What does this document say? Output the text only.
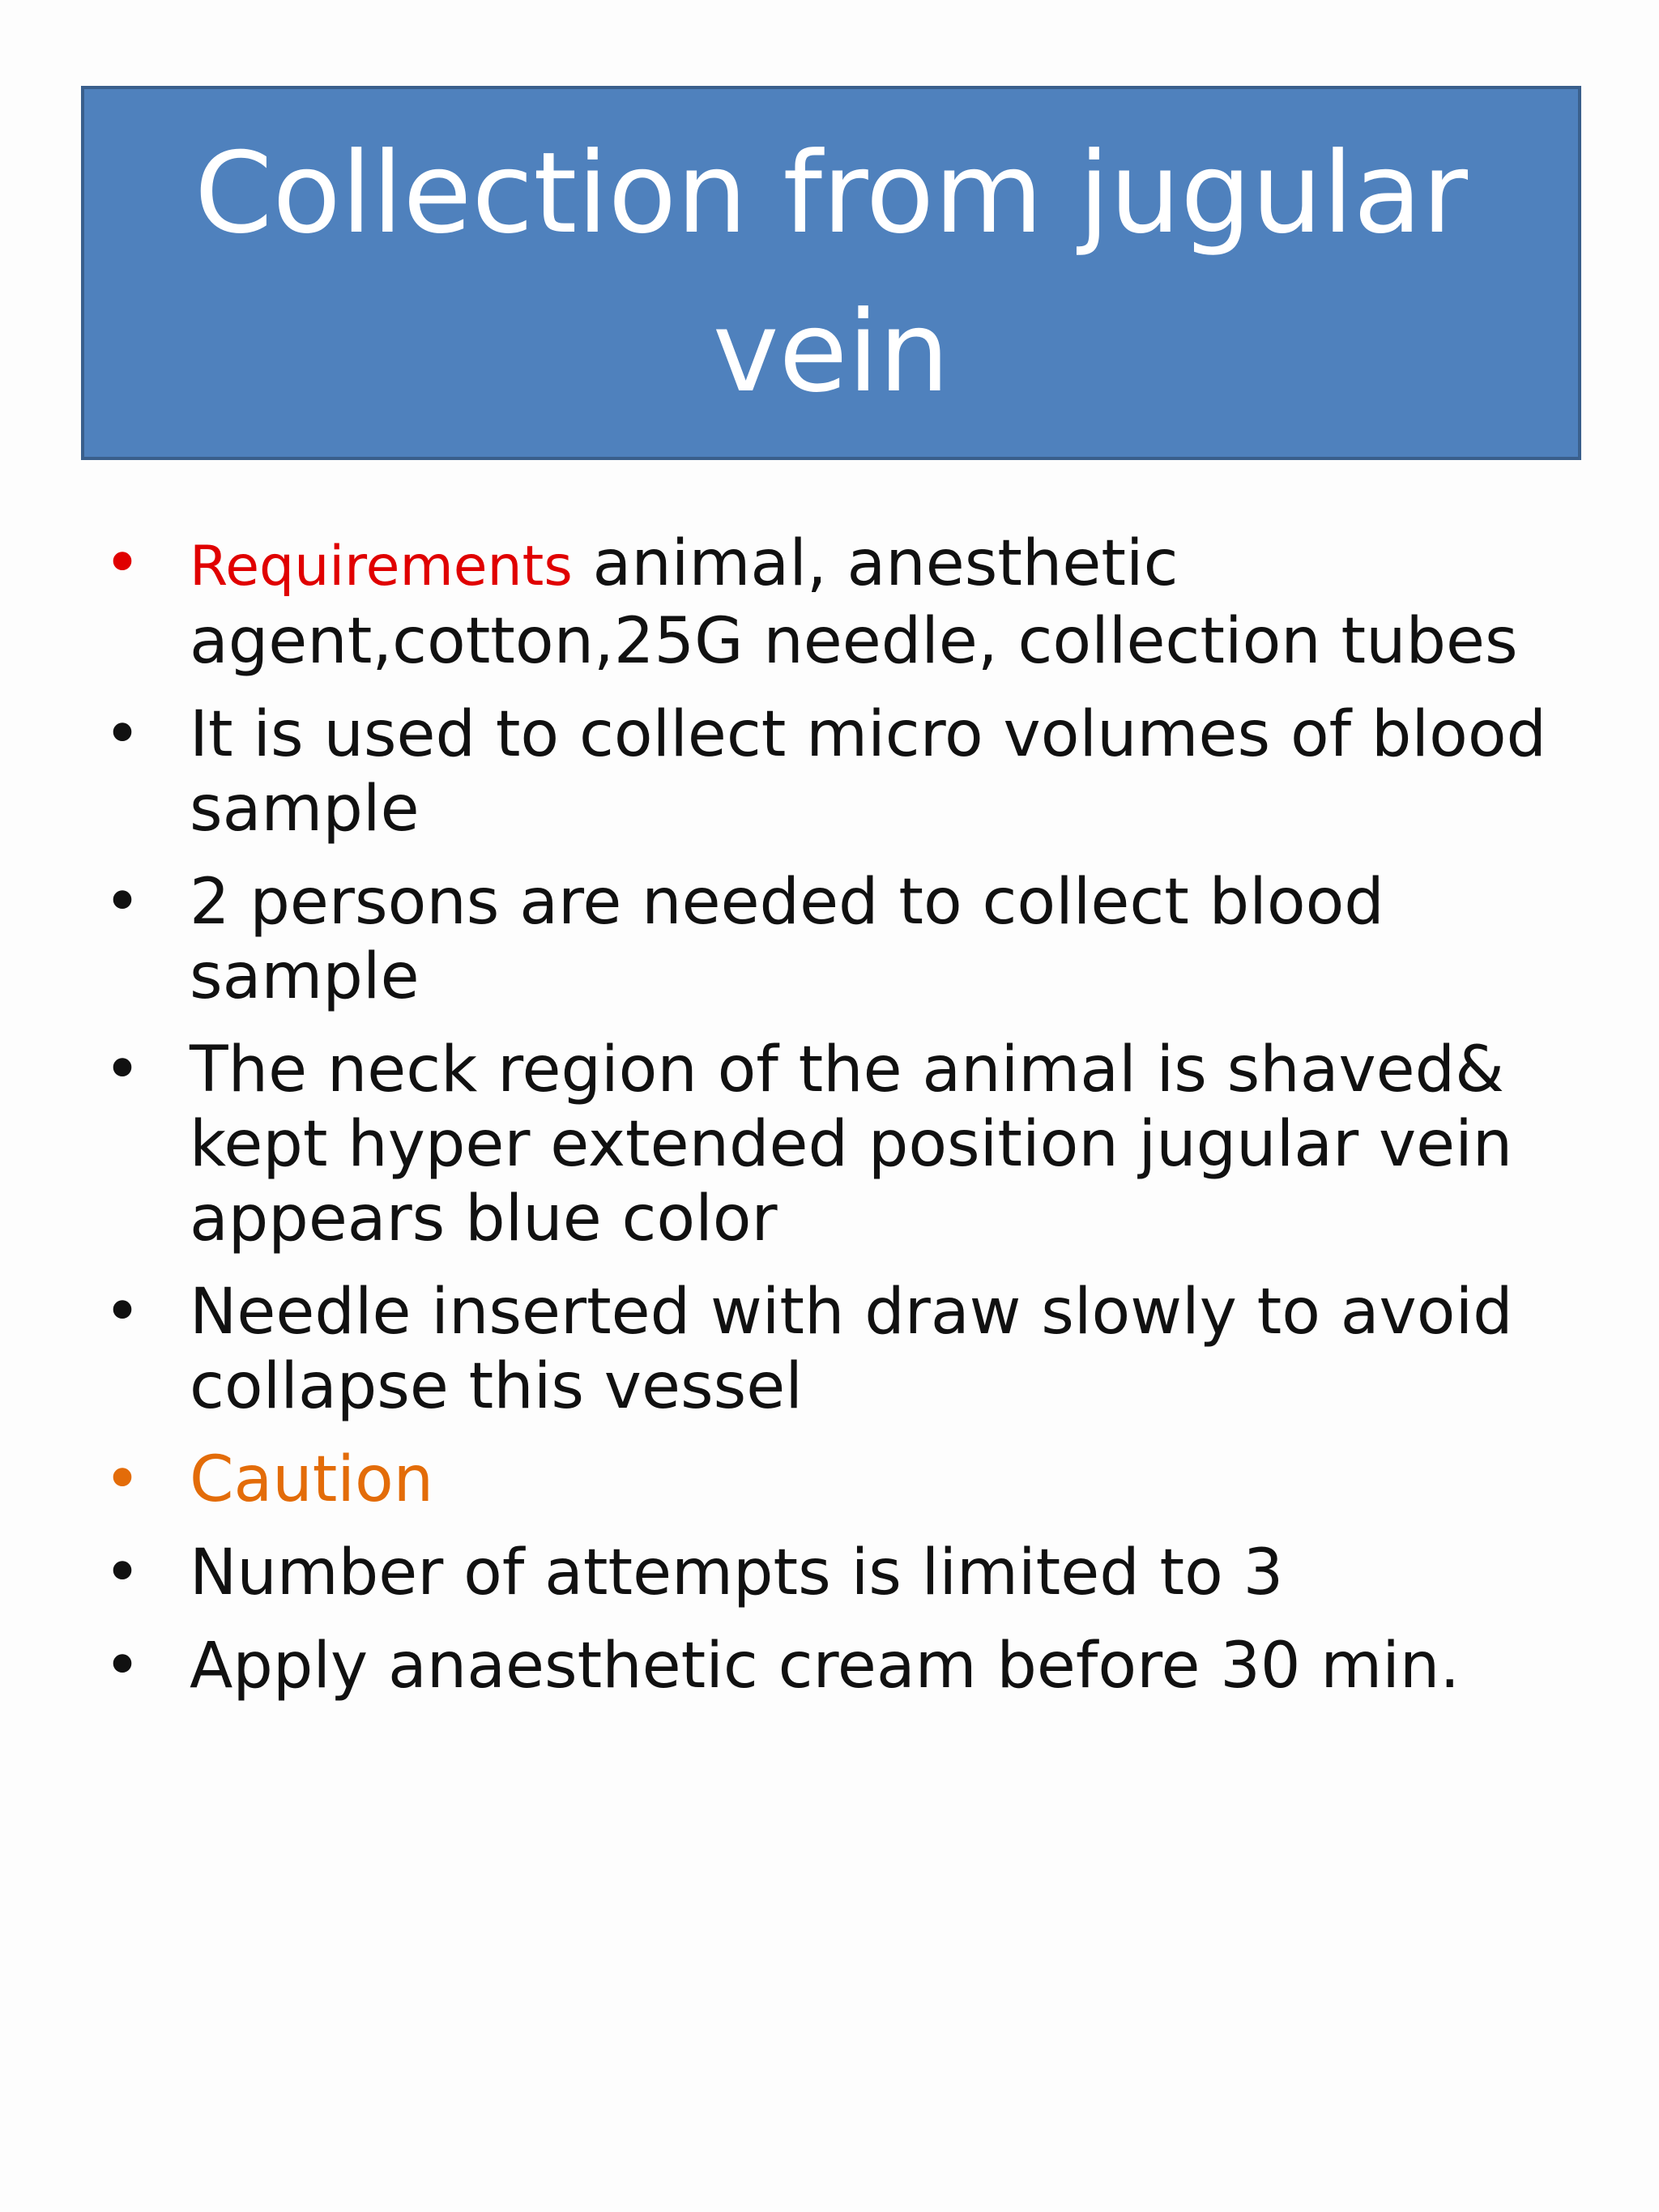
Collection from jugular vein
• Requirements animal, anesthetic agent,cotton,25G needle, collection tubes
• It is used to collect micro volumes of blood sample
• 2 persons are needed to collect blood sample
• The neck region of the animal is shaved& kept hyper extended position jugular vein appears blue color
• Needle inserted with draw slowly to avoid collapse this vessel
• Caution
• Number of attempts is limited to 3
• Apply anaesthetic cream before 30 min.
